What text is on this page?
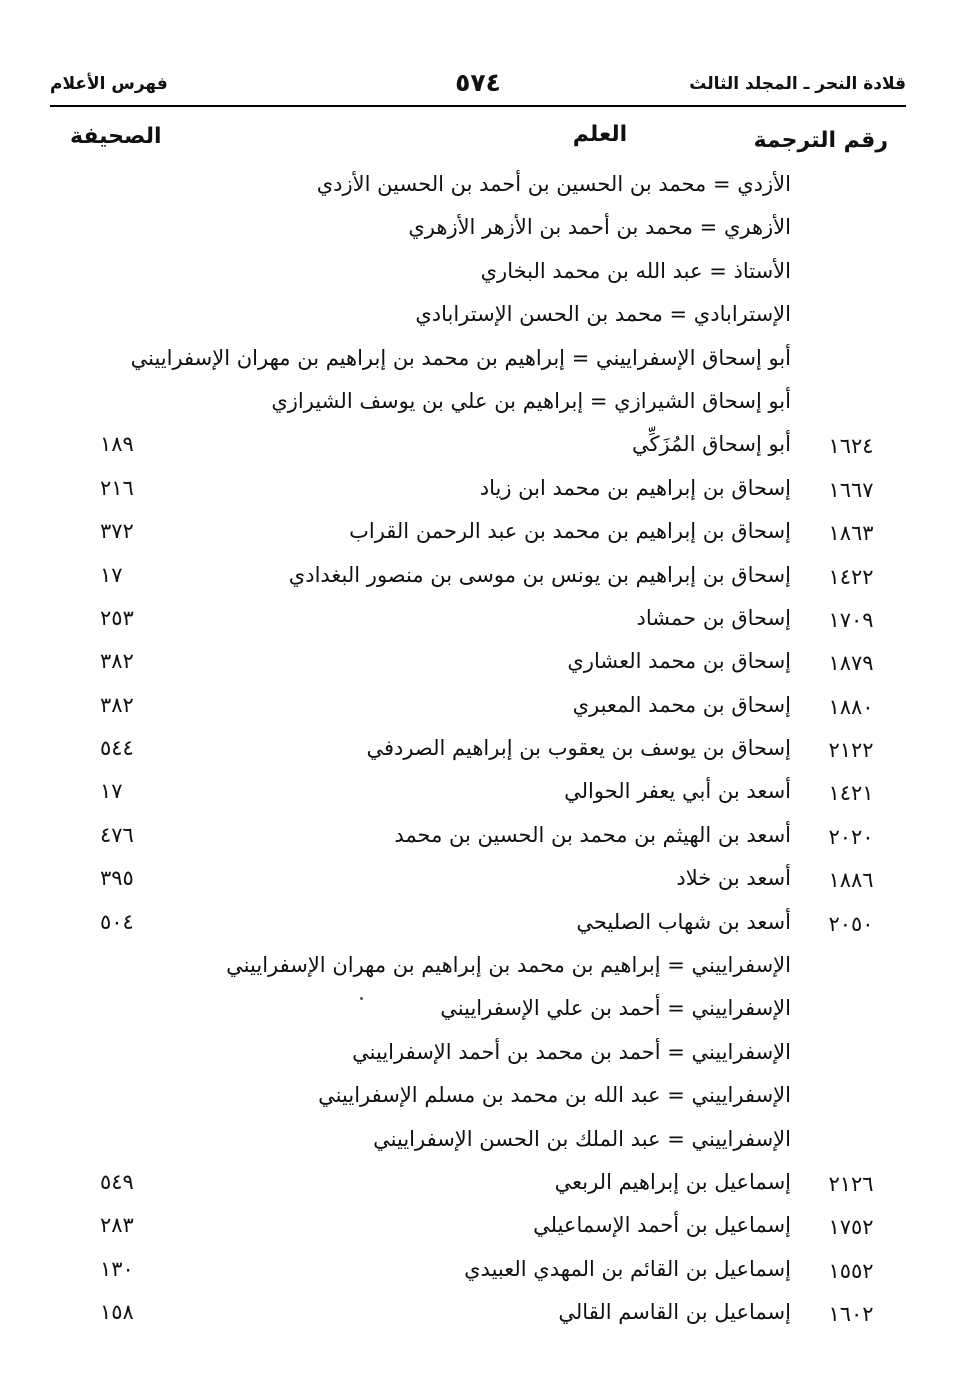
قلادة النحر ـ المجلد الثالث
٥٧٤
فهرس الأعلام
رقم الترجمة
العلم
الصحيفة
الأزدي = محمد بن الحسين بن أحمد بن الحسين الأزدي
الأزهري = محمد بن أحمد بن الأزهر الأزهري
الأستاذ = عبد الله بن محمد البخاري
الإسترابادي = محمد بن الحسن الإسترابادي
أبو إسحاق الإسفراييني = إبراهيم بن محمد بن إبراهيم بن مهران الإسفراييني
أبو إسحاق الشيرازي = إبراهيم بن علي بن يوسف الشيرازي
١٦٢٤
أبو إسحاق المُزَكِّي
١٨٩
١٦٦٧
إسحاق بن إبراهيم بن محمد ابن زياد
٢١٦
١٨٦٣
إسحاق بن إبراهيم بن محمد بن عبد الرحمن القراب
٣٧٢
١٤٢٢
إسحاق بن إبراهيم بن يونس بن موسى بن منصور البغدادي
١٧
١٧٠٩
إسحاق بن حمشاد
٢٥٣
١٨٧٩
إسحاق بن محمد العشاري
٣٨٢
١٨٨٠
إسحاق بن محمد المعبري
٣٨٢
٢١٢٢
إسحاق بن يوسف بن يعقوب بن إبراهيم الصردفي
٥٤٤
١٤٢١
أسعد بن أبي يعفر الحوالي
١٧
٢٠٢٠
أسعد بن الهيثم بن محمد بن الحسين بن محمد
٤٧٦
١٨٨٦
أسعد بن خلاد
٣٩٥
٢٠٥٠
أسعد بن شهاب الصليحي
٥٠٤
الإسفراييني = إبراهيم بن محمد بن إبراهيم بن مهران الإسفراييني
الإسفراييني = أحمد بن علي الإسفراييني
الإسفراييني = أحمد بن محمد بن أحمد الإسفراييني
الإسفراييني = عبد الله بن محمد بن مسلم الإسفراييني
الإسفراييني = عبد الملك بن الحسن الإسفراييني
٢١٢٦
إسماعيل بن إبراهيم الربعي
٥٤٩
١٧٥٢
إسماعيل بن أحمد الإسماعيلي
٢٨٣
١٥٥٢
إسماعيل بن القائم بن المهدي العبيدي
١٣٠
١٦٠٢
إسماعيل بن القاسم القالي
١٥٨
